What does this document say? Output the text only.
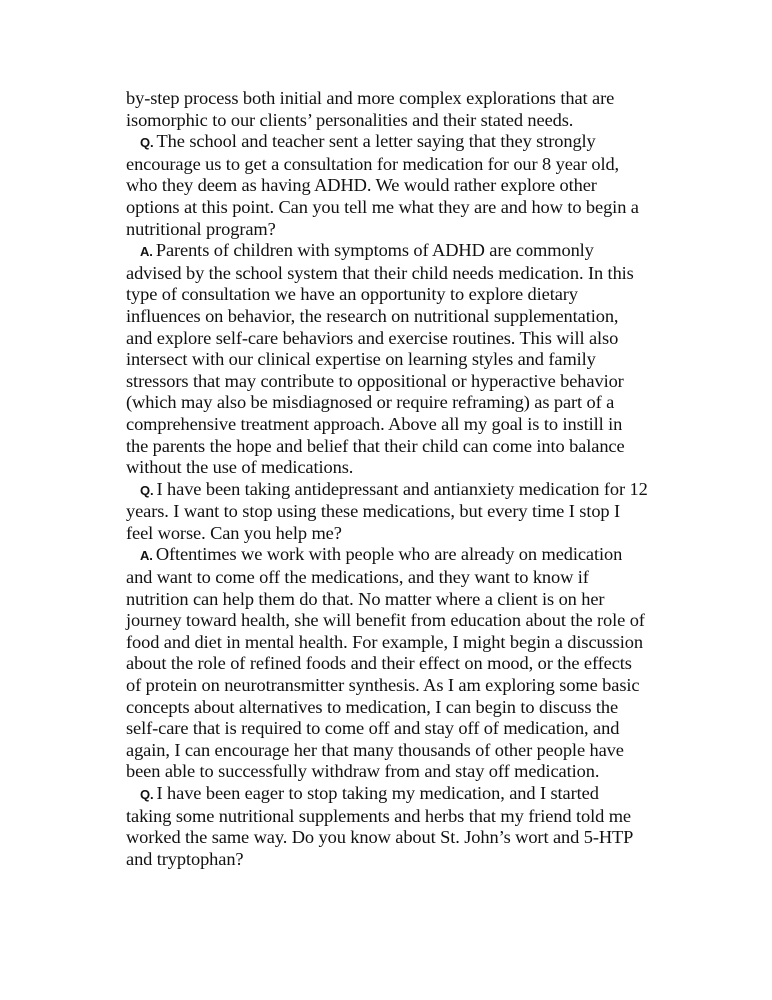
by-step process both initial and more complex explorations that are isomorphic to our clients’ personalities and their stated needs.

Q. The school and teacher sent a letter saying that they strongly encourage us to get a consultation for medication for our 8 year old, who they deem as having ADHD. We would rather explore other options at this point. Can you tell me what they are and how to begin a nutritional program?

A. Parents of children with symptoms of ADHD are commonly advised by the school system that their child needs medication. In this type of consultation we have an opportunity to explore dietary influences on behavior, the research on nutritional supplementation, and explore self-care behaviors and exercise routines. This will also intersect with our clinical expertise on learning styles and family stressors that may contribute to oppositional or hyperactive behavior (which may also be misdiagnosed or require reframing) as part of a comprehensive treatment approach. Above all my goal is to instill in the parents the hope and belief that their child can come into balance without the use of medications.

Q. I have been taking antidepressant and antianxiety medication for 12 years. I want to stop using these medications, but every time I stop I feel worse. Can you help me?

A. Oftentimes we work with people who are already on medication and want to come off the medications, and they want to know if nutrition can help them do that. No matter where a client is on her journey toward health, she will benefit from education about the role of food and diet in mental health. For example, I might begin a discussion about the role of refined foods and their effect on mood, or the effects of protein on neurotransmitter synthesis. As I am exploring some basic concepts about alternatives to medication, I can begin to discuss the self-care that is required to come off and stay off of medication, and again, I can encourage her that many thousands of other people have been able to successfully withdraw from and stay off medication.

Q. I have been eager to stop taking my medication, and I started taking some nutritional supplements and herbs that my friend told me worked the same way. Do you know about St. John’s wort and 5-HTP and tryptophan?
